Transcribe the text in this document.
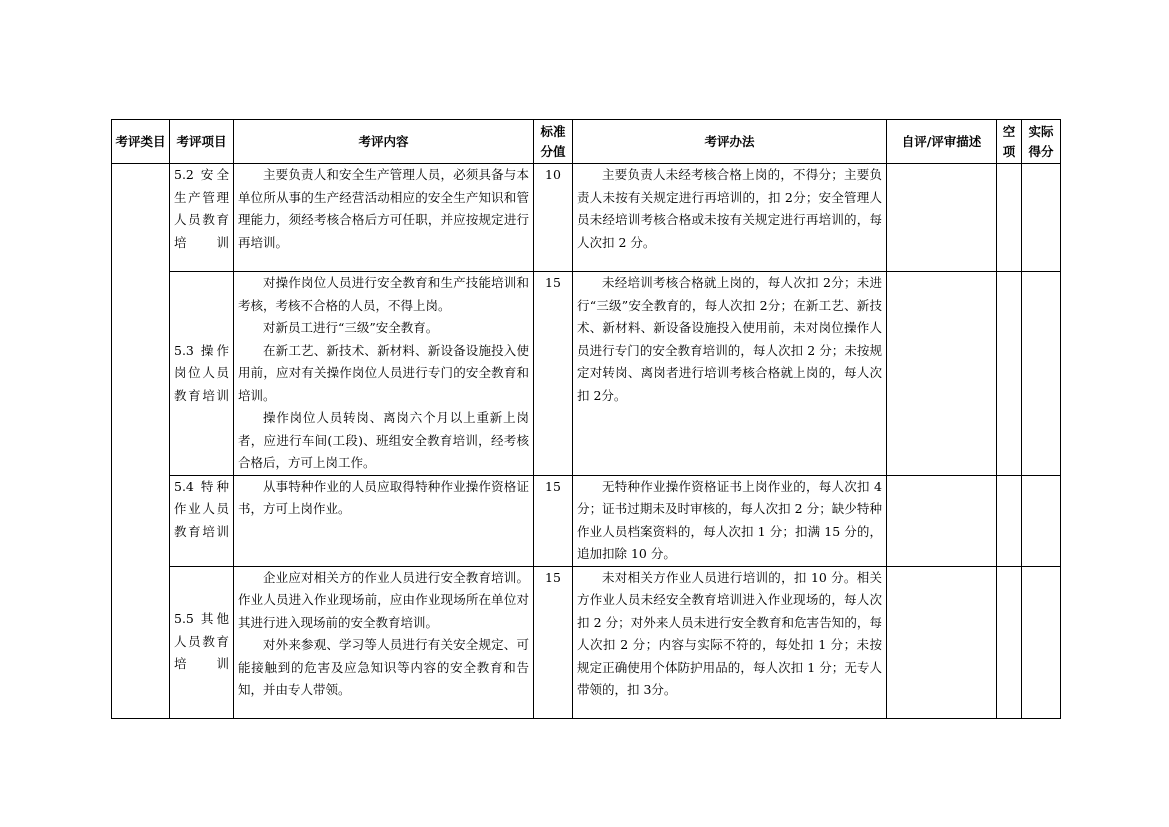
考评类目	考评项目	考评内容	标准分值	考评办法	自评/评审描述	空项	实际得分
	5.2 安全生产管理人员教育培训	主要负责人和安全生产管理人员，必须具备与本单位所从事的生产经营活动相应的安全生产知识和管理能力，须经考核合格后方可任职，并应按规定进行再培训。	10	主要负责人未经考核合格上岗的，不得分；主要负责人未按有关规定进行再培训的，扣 2分；安全管理人员未经培训考核合格或未按有关规定进行再培训的，每人次扣 2 分。			

	5.3 操作岗位人员教育培训	对操作岗位人员进行安全教育和生产技能培训和考核，考核不合格的人员，不得上岗。

对新员工进行“三级”安全教育。

在新工艺、新技术、新材料、新设备设施投入使用前，应对有关操作岗位人员进行专门的安全教育和培训。

操作岗位人员转岗、离岗六个月以上重新上岗者，应进行车间(工段)、班组安全教育培训，经考核合格后，方可上岗工作。	15	未经培训考核合格就上岗的，每人次扣 2分；未进行“三级”安全教育的，每人次扣 2分；在新工艺、新技术、新材料、新设备设施投入使用前，未对岗位操作人员进行专门的安全教育培训的，每人次扣 2 分；未按规定对转岗、离岗者进行培训考核合格就上岗的，每人次扣 2分。			

	5.4 特种作业人员教育培训	从事特种作业的人员应取得特种作业操作资格证书，方可上岗作业。	15	无特种作业操作资格证书上岗作业的，每人次扣 4 分；证书过期未及时审核的，每人次扣 2 分；缺少特种作业人员档案资料的，每人次扣 1 分；扣满 15 分的，追加扣除 10 分。			

	5.5 其他人员教育培训	企业应对相关方的作业人员进行安全教育培训。作业人员进入作业现场前，应由作业现场所在单位对其进行进入现场前的安全教育培训。

对外来参观、学习等人员进行有关安全规定、可能接触到的危害及应急知识等内容的安全教育和告知，并由专人带领。	15	未对相关方作业人员进行培训的，扣 10 分。相关方作业人员未经安全教育培训进入作业现场的，每人次扣 2 分；对外来人员未进行安全教育和危害告知的，每人次扣 2 分；内容与实际不符的，每处扣 1 分；未按规定正确使用个体防护用品的，每人次扣 1 分；无专人带领的，扣 3分。			
